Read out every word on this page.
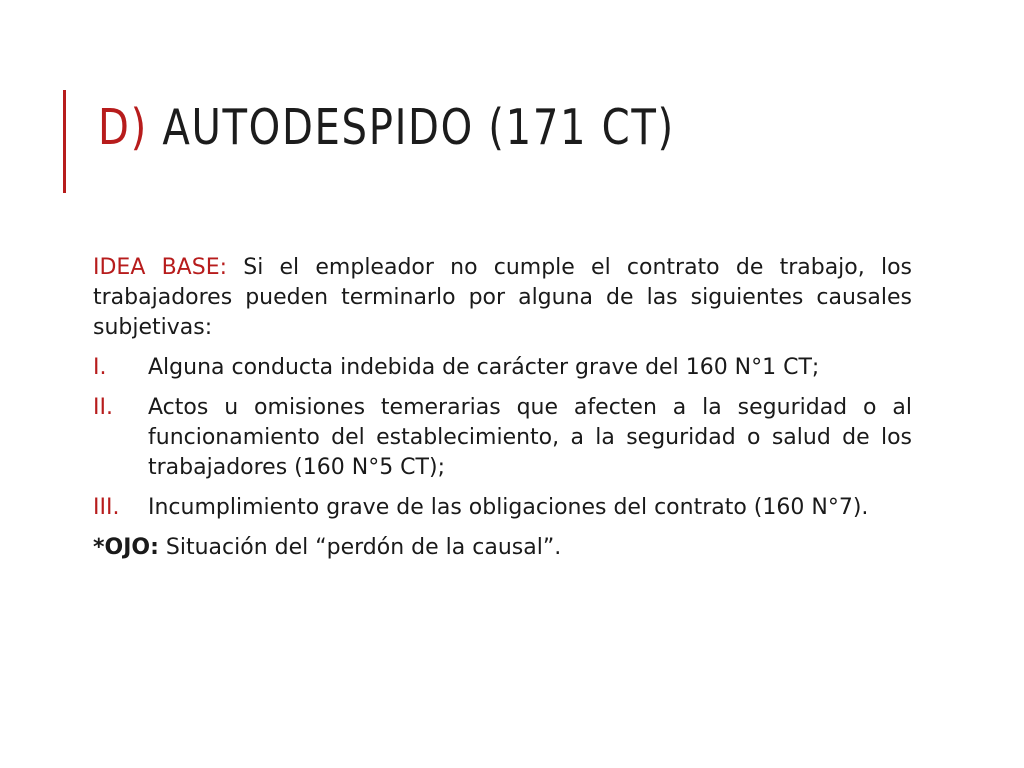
D) AUTODESPIDO (171 CT)

IDEA BASE: Si el empleador no cumple el contrato de trabajo, los trabajadores pueden terminarlo por alguna de las siguientes causales subjetivas:

I.	Alguna conducta indebida de carácter grave del 160 N°1 CT;
II.	Actos u omisiones temerarias que afecten a la seguridad o al funcionamiento del establecimiento, a la seguridad o salud de los trabajadores (160 N°5 CT);
III.	Incumplimiento grave de las obligaciones del contrato (160 N°7).

*OJO: Situación del “perdón de la causal”.
